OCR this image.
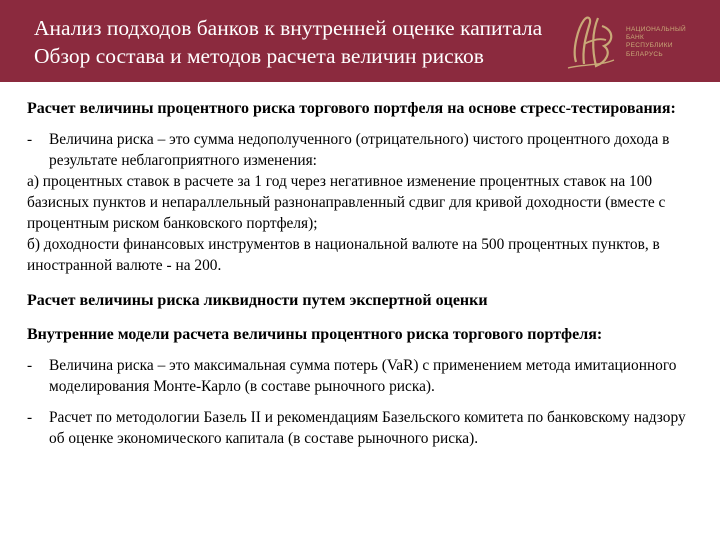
Анализ подходов банков к внутренней оценке капитала
Обзор состава и методов расчета величин рисков
НАЦИОНАЛЬНЫЙ
БАНК
РЕСПУБЛИКИ
БЕЛАРУСЬ

Расчет величины процентного риска торгового портфеля на основе стресс-тестирования:

- Величина риска – это сумма недополученного (отрицательного) чистого процентного дохода в результате неблагоприятного изменения:

а) процентных ставок в расчете за 1 год через негативное изменение процентных ставок на 100 базисных пунктов и непараллельный разнонаправленный сдвиг для кривой доходности (вместе с процентным риском банковского портфеля);

б) доходности финансовых инструментов в национальной валюте на 500 процентных пунктов, в иностранной валюте - на 200.

Расчет величины риска ликвидности путем экспертной оценки

Внутренние модели расчета величины процентного риска торгового портфеля:

- Величина риска – это максимальная сумма потерь (VaR) с применением метода имитационного моделирования Монте-Карло (в составе рыночного риска).
- Расчет по методологии Базель II и рекомендациям Базельского комитета по банковскому надзору об оценке экономического капитала (в составе рыночного риска).
